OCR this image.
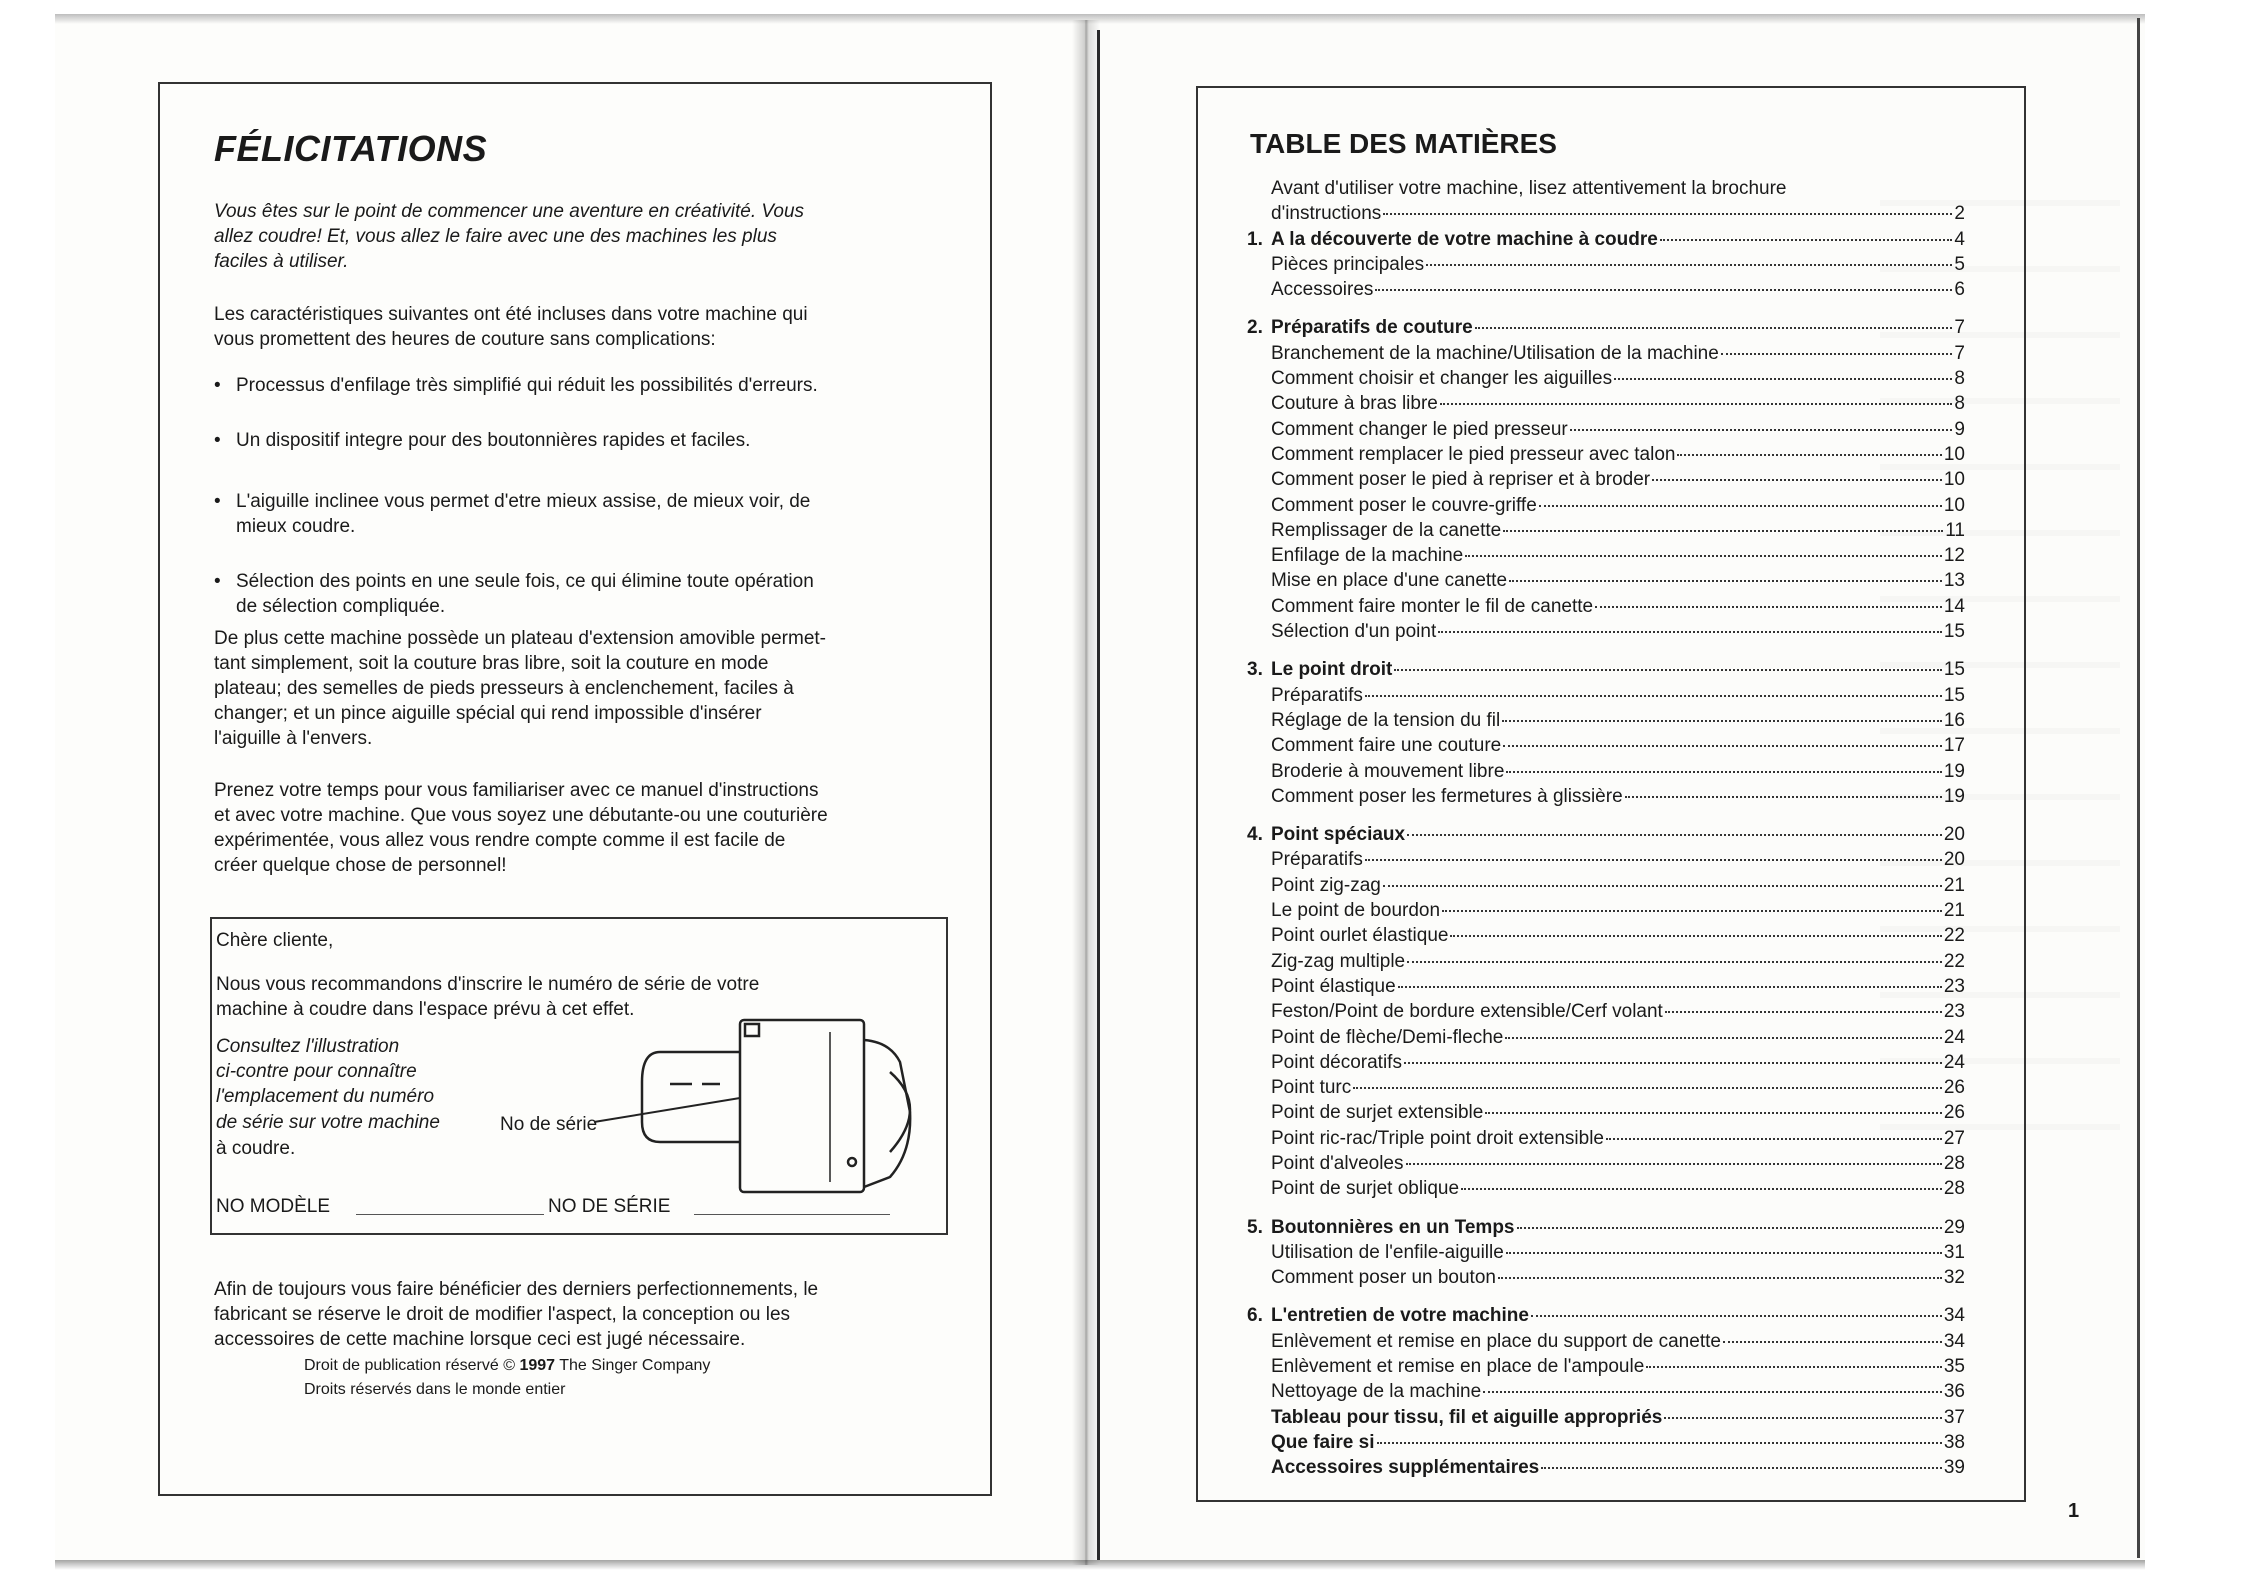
FÉLICITATIONS

Vous êtes sur le point de commencer une aventure en créativité. Vous

allez coudre! Et, vous allez le faire avec une des machines les plus

faciles à utiliser.

Les caractéristiques suivantes ont été incluses dans votre machine qui

vous promettent des heures de couture sans complications:

• Processus d'enfilage très simplifié qui réduit les possibilités d'erreurs.
• Un dispositif integre pour des boutonnières rapides et faciles.
• L'aiguille inclinee vous permet d'etre mieux assise, de mieux voir, de
mieux coudre.
• Sélection des points en une seule fois, ce qui élimine toute opération
de sélection compliquée.

De plus cette machine possède un plateau d'extension amovible permet-

tant simplement, soit la couture bras libre, soit la couture en mode

plateau; des semelles de pieds presseurs à enclenchement, faciles à

changer; et un pince aiguille spécial qui rend impossible d'insérer

l'aiguille à l'envers.

Prenez votre temps pour vous familiariser avec ce manuel d'instructions

et avec votre machine. Que vous soyez une débutante-ou une couturière

expérimentée, vous allez vous rendre compte comme il est facile de

créer quelque chose de personnel!

Chère cliente,

Nous vous recommandons d'inscrire le numéro de série de votre

machine à coudre dans l'espace prévu à cet effet.

Consultez l'illustration

ci-contre pour connaître

l'emplacement du numéro

de série sur votre machine

à coudre.

No de série

NO MODÈLE	NO DE SÉRIE

Afin de toujours vous faire bénéficier des derniers perfectionnements, le

fabricant se réserve le droit de modifier l'aspect, la conception ou les

accessoires de cette machine lorsque ceci est jugé nécessaire.

Droit de publication réservé © 1997 The Singer Company
Droits réservés dans le monde entier

TABLE DES MATIÈRES
Avant d'utiliser votre machine, lisez attentivement la brochure
d'instructions	2
1. A la découverte de votre machine à coudre	4
Pièces principales	5
Accessoires	6
2. Préparatifs de couture	7
Branchement de la machine/Utilisation de la machine	7
Comment choisir et changer les aiguilles	8
Couture à bras libre	8
Comment changer le pied presseur	9
Comment remplacer le pied presseur avec talon	10
Comment poser le pied à repriser et à broder	10
Comment poser le couvre-griffe	10
Remplissager de la canette	11
Enfilage de la machine	12
Mise en place d'une canette	13
Comment faire monter le fil de canette	14
Sélection d'un point	15
3. Le point droit	15
Préparatifs	15
Réglage de la tension du fil	16
Comment faire une couture	17
Broderie à mouvement libre	19
Comment poser les fermetures à glissière	19
4. Point spéciaux	20
Préparatifs	20
Point zig-zag	21
Le point de bourdon	21
Point ourlet élastique	22
Zig-zag multiple	22
Point élastique	23
Feston/Point de bordure extensible/Cerf volant	23
Point de flèche/Demi-fleche	24
Point décoratifs	24
Point turc	26
Point de surjet extensible	26
Point ric-rac/Triple point droit extensible	27
Point d'alveoles	28
Point de surjet oblique	28
5. Boutonnières en un Temps	29
Utilisation de l'enfile-aiguille	31
Comment poser un bouton	32
6. L'entretien de votre machine	34
Enlèvement et remise en place du support de canette	34
Enlèvement et remise en place de l'ampoule	35
Nettoyage de la machine	36
Tableau pour tissu, fil et aiguille appropriés	37
Que faire si	38
Accessoires supplémentaires	39

1
